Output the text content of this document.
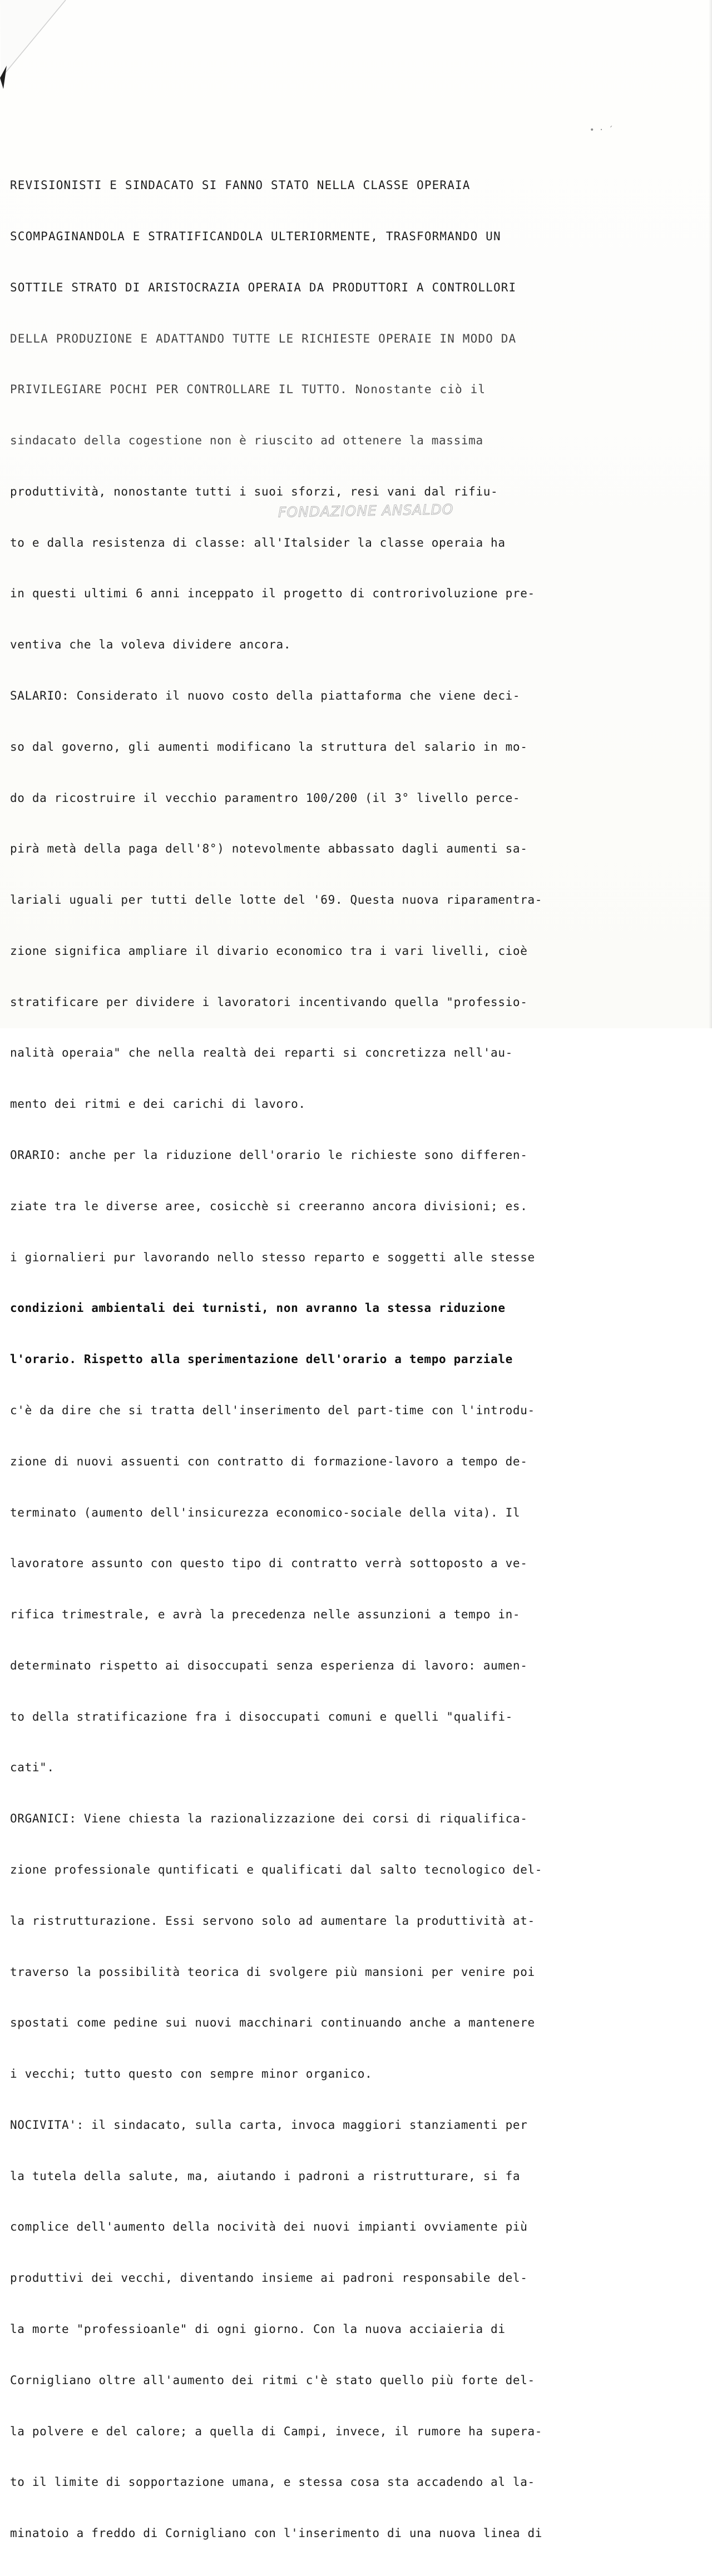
• · ´

REVISIONISTI E SINDACATO SI FANNO STATO NELLA CLASSE OPERAIA

SCOMPAGINANDOLA E STRATIFICANDOLA ULTERIORMENTE, TRASFORMANDO UN

SOTTILE STRATO DI ARISTOCRAZIA OPERAIA DA PRODUTTORI A CONTROLLORI

DELLA PRODUZIONE E ADATTANDO TUTTE LE RICHIESTE OPERAIE IN MODO DA

PRIVILEGIARE POCHI PER CONTROLLARE IL TUTTO. Nonostante ciò il

sindacato della cogestione non è riuscito ad ottenere la massima

produttività, nonostante tutti i suoi sforzi, resi vani dal rifiu-

to e dalla resistenza di classe: all'Italsider la classe operaia ha

in questi ultimi 6 anni inceppato il progetto di controrivoluzione pre-

ventiva che la voleva dividere ancora.

SALARIO: Considerato il nuovo costo della piattaforma che viene deci-

so dal governo, gli aumenti modificano la struttura del salario in mo-

do da ricostruire il vecchio paramentro 100/200 (il 3° livello perce-

pirà metà della paga dell'8°) notevolmente abbassato dagli aumenti sa-

lariali uguali per tutti delle lotte del '69. Questa nuova riparamentra-

zione significa ampliare il divario economico tra i vari livelli, cioè

stratificare per dividere i lavoratori incentivando quella "professio-

nalità operaia" che nella realtà dei reparti si concretizza nell'au-

mento dei ritmi e dei carichi di lavoro.

ORARIO: anche per la riduzione dell'orario le richieste sono differen-

ziate tra le diverse aree, cosicchè si creeranno ancora divisioni; es.

i giornalieri pur lavorando nello stesso reparto e soggetti alle stesse

condizioni ambientali dei turnisti, non avranno la stessa riduzione

l'orario. Rispetto alla sperimentazione dell'orario a tempo parziale

c'è da dire che si tratta dell'inserimento del part-time con l'introdu-

zione di nuovi assuenti con contratto di formazione-lavoro a tempo de-

terminato (aumento dell'insicurezza economico-sociale della vita). Il

lavoratore assunto con questo tipo di contratto verrà sottoposto a ve-

rifica trimestrale, e avrà la precedenza nelle assunzioni a tempo in-

determinato rispetto ai disoccupati senza esperienza di lavoro: aumen-

to della stratificazione fra i disoccupati comuni e quelli "qualifi-

cati".

ORGANICI: Viene chiesta la razionalizzazione dei corsi di riqualifica-

zione professionale quntificati e qualificati dal salto tecnologico del-

la ristrutturazione. Essi servono solo ad aumentare la produttività at-

traverso la possibilità teorica di svolgere più mansioni per venire poi

spostati come pedine sui nuovi macchinari continuando anche a mantenere

i vecchi; tutto questo con sempre minor organico.

NOCIVITA': il sindacato, sulla carta, invoca maggiori stanziamenti per

la tutela della salute, ma, aiutando i padroni a ristrutturare, si fa

complice dell'aumento della nocività dei nuovi impianti ovviamente più

produttivi dei vecchi, diventando insieme ai padroni responsabile del-

la morte "professioanle" di ogni giorno. Con la nuova acciaieria di

Cornigliano oltre all'aumento dei ritmi c'è stato quello più forte del-

la polvere e del calore; a quella di Campi, invece, il rumore ha supera-

to il limite di sopportazione umana, e stessa cosa sta accadendo al la-

minatoio a freddo di Cornigliano con l'inserimento di una nuova linea di

FONDAZIONE ANSALDO
